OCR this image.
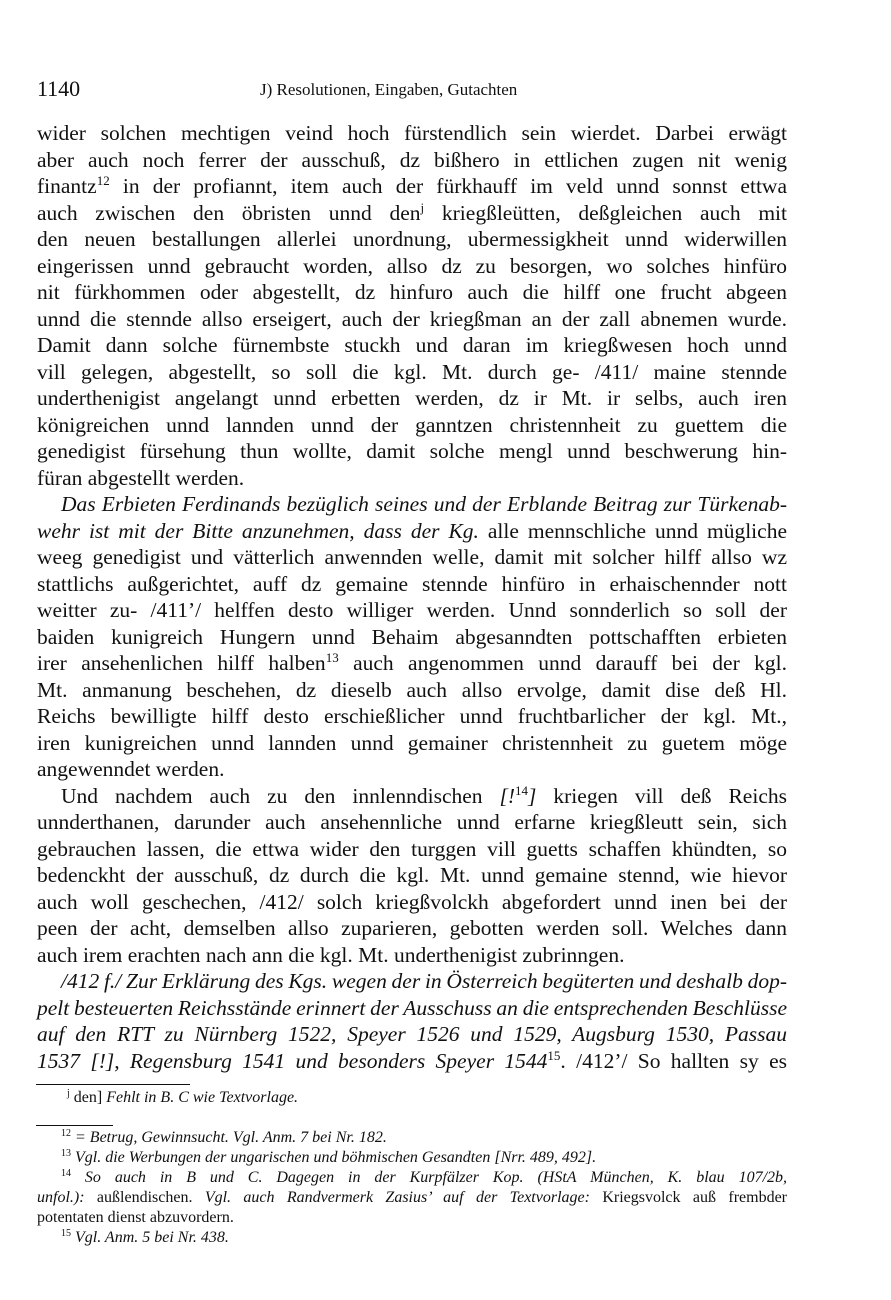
1140	J) Resolutionen, Eingaben, Gutachten
wider solchen mechtigen veind hoch fürstendlich sein wierdet. Darbei erwägt
aber auch noch ferrer der ausschuß, dz bißhero in ettlichen zugen nit wenig
finantz$^{12}$ in der profiannt, item auch der fürkhauff im veld unnd sonnst ettwa
auch zwischen den öbristen unnd den$^j$ kriegßleütten, deßgleichen auch mit
den neuen bestallungen allerlei unordnung, ubermessigkheit unnd widerwillen
eingerissen unnd gebraucht worden, allso dz zu besorgen, wo solches hinfüro
nit fürkhommen oder abgestellt, dz hinfuro auch die hilff one frucht abgeen
unnd die stennde allso erseigert, auch der kriegßman an der zall abnemen wurde.
Damit dann solche fürnembste stuckh und daran im kriegßwesen hoch unnd
vill gelegen, abgestellt, so soll die kgl. Mt. durch ge- /411/ maine stennde
underthenigist angelangt unnd erbetten werden, dz ir Mt. ir selbs, auch iren
königreichen unnd lannden unnd der ganntzen christennheit zu guettem die
genedigist fürsehung thun wollte, damit solche mengl unnd beschwerung hin-
füran abgestellt werden.
Das Erbieten Ferdinands bezüglich seines und der Erblande Beitrag zur Türkenab-
wehr ist mit der Bitte anzunehmen, dass der Kg. alle mennschliche unnd mügliche
weeg genedigist und vätterlich anwennden welle, damit mit solcher hilff allso wz
stattlichs außgerichtet, auff dz gemaine stennde hinfüro in erhaischennder nott
weitter zu- /411’/ helffen desto williger werden. Unnd sonnderlich so soll der
baiden kunigreich Hungern unnd Behaim abgesanndten pottschafften erbieten
irer ansehenlichen hilff halben$^{13}$ auch angenommen unnd darauff bei der kgl.
Mt. anmanung beschehen, dz dieselb auch allso ervolge, damit dise deß Hl.
Reichs bewilligte hilff desto erschießlicher unnd fruchtbarlicher der kgl. Mt.,
iren kunigreichen unnd lannden unnd gemainer christennheit zu guetem möge
angewenndet werden.
Und nachdem auch zu den innlenndischen [!$^{14}$] kriegen vill deß Reichs
unnderthanen, darunder auch ansehennliche unnd erfarne kriegßleutt sein, sich
gebrauchen lassen, die ettwa wider den turggen vill guetts schaffen khündten, so
bedenckht der ausschuß, dz durch die kgl. Mt. unnd gemaine stennd, wie hievor
auch woll geschechen, /412/ solch kriegßvolckh abgefordert unnd inen bei der
peen der acht, demselben allso zuparieren, gebotten werden soll. Welches dann
auch irem erachten nach ann die kgl. Mt. underthenigist zubrinngen.
/412 f./ Zur Erklärung des Kgs. wegen der in Österreich begüterten und deshalb dop-
pelt besteuerten Reichsstände erinnert der Ausschuss an die entsprechenden Beschlüsse
auf den RTT zu Nürnberg 1522, Speyer 1526 und 1529, Augsburg 1530, Passau
1537 [!], Regensburg 1541 und besonders Speyer 1544$^{15}$. /412’/ So hallten sy es
$^j$ den] Fehlt in B. C wie Textvorlage.
$^{12}$ = Betrug, Gewinnsucht. Vgl. Anm. 7 bei Nr. 182.
$^{13}$ Vgl. die Werbungen der ungarischen und böhmischen Gesandten [Nrr. 489, 492].
$^{14}$ So auch in B und C. Dagegen in der Kurpfälzer Kop. (HStA München, K. blau 107/2b,
unfol.): außlendischen. Vgl. auch Randvermerk Zasius’ auf der Textvorlage: Kriegsvolck auß frembder
potentaten dienst abzuvordern.
$^{15}$ Vgl. Anm. 5 bei Nr. 438.
